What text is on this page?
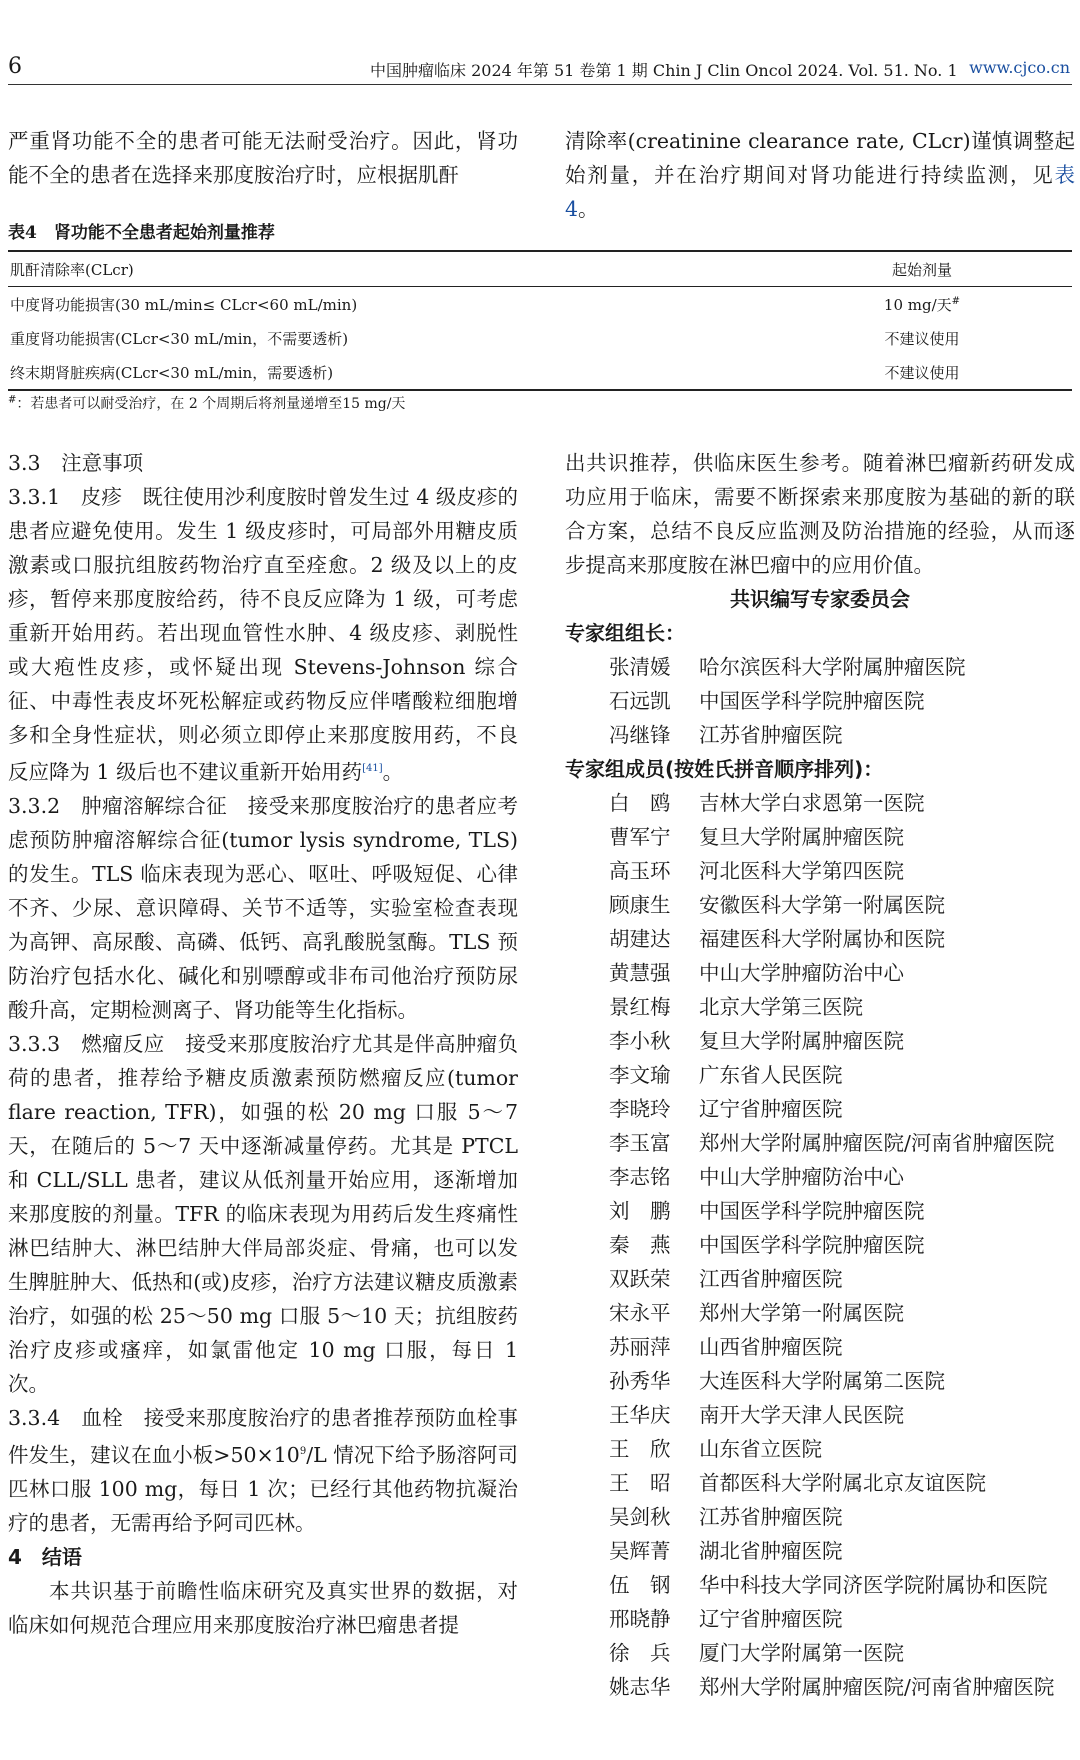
6	中国肿瘤临床 2024 年第 51 卷第 1 期 Chin J Clin Oncol 2024. Vol. 51. No. 1 www.cjco.cn

严重肾功能不全的患者可能无法耐受治疗。因此，肾功能不全的患者在选择来那度胺治疗时，应根据肌酐

清除率(creatinine clearance rate, CLcr)谨慎调整起始剂量，并在治疗期间对肾功能进行持续监测，见表 4。

表4　肾功能不全患者起始剂量推荐
肌酐清除率(CLcr)	起始剂量
中度肾功能损害(30 mL/min≤ CLcr<60 mL/min)	10 mg/天#
重度肾功能损害(CLcr<30 mL/min，不需要透析)	不建议使用
终末期肾脏疾病(CLcr<30 mL/min，需要透析)	不建议使用
#：若患者可以耐受治疗，在 2 个周期后将剂量递增至15 mg/天

3.3　注意事项

3.3.1　皮疹　既往使用沙利度胺时曾发生过 4 级皮疹的患者应避免使用。发生 1 级皮疹时，可局部外用糖皮质激素或口服抗组胺药物治疗直至痊愈。2 级及以上的皮疹，暂停来那度胺给药，待不良反应降为 1 级，可考虑重新开始用药。若出现血管性水肿、4 级皮疹、剥脱性或大疱性皮疹，或怀疑出现 Stevens-Johnson 综合征、中毒性表皮坏死松解症或药物反应伴嗜酸粒细胞增多和全身性症状，则必须立即停止来那度胺用药，不良反应降为 1 级后也不建议重新开始用药[41]。

3.3.2　肿瘤溶解综合征　接受来那度胺治疗的患者应考虑预防肿瘤溶解综合征(tumor lysis syndrome, TLS)的发生。TLS 临床表现为恶心、呕吐、呼吸短促、心律不齐、少尿、意识障碍、关节不适等，实验室检查表现为高钾、高尿酸、高磷、低钙、高乳酸脱氢酶。TLS 预防治疗包括水化、碱化和别嘌醇或非布司他治疗预防尿酸升高，定期检测离子、肾功能等生化指标。

3.3.3　燃瘤反应　接受来那度胺治疗尤其是伴高肿瘤负荷的患者，推荐给予糖皮质激素预防燃瘤反应(tumor flare reaction, TFR)，如强的松 20 mg 口服 5～7 天，在随后的 5～7 天中逐渐减量停药。尤其是 PTCL 和 CLL/SLL 患者，建议从低剂量开始应用，逐渐增加来那度胺的剂量。TFR 的临床表现为用药后发生疼痛性淋巴结肿大、淋巴结肿大伴局部炎症、骨痛，也可以发生脾脏肿大、低热和(或)皮疹，治疗方法建议糖皮质激素治疗，如强的松 25～50 mg 口服 5～10 天；抗组胺药治疗皮疹或瘙痒，如氯雷他定 10 mg 口服，每日 1 次。

3.3.4　血栓　接受来那度胺治疗的患者推荐预防血栓事件发生，建议在血小板$>50\times 10^9/L$ 情况下给予肠溶阿司匹林口服 100 mg，每日 1 次；已经行其他药物抗凝治疗的患者，无需再给予阿司匹林。

4　结语

本共识基于前瞻性临床研究及真实世界的数据，对临床如何规范合理应用来那度胺治疗淋巴瘤患者提

出共识推荐，供临床医生参考。随着淋巴瘤新药研发成功应用于临床，需要不断探索来那度胺为基础的新的联合方案，总结不良反应监测及防治措施的经验，从而逐步提高来那度胺在淋巴瘤中的应用价值。

共识编写专家委员会

专家组组长：

张清媛	哈尔滨医科大学附属肿瘤医院
石远凯	中国医学科学院肿瘤医院
冯继锋	江苏省肿瘤医院

专家组成员(按姓氏拼音顺序排列)：

白　鸥	吉林大学白求恩第一医院
曹军宁	复旦大学附属肿瘤医院
高玉环	河北医科大学第四医院
顾康生	安徽医科大学第一附属医院
胡建达	福建医科大学附属协和医院
黄慧强	中山大学肿瘤防治中心
景红梅	北京大学第三医院
李小秋	复旦大学附属肿瘤医院
李文瑜	广东省人民医院
李晓玲	辽宁省肿瘤医院
李玉富	郑州大学附属肿瘤医院/河南省肿瘤医院
李志铭	中山大学肿瘤防治中心
刘　鹏	中国医学科学院肿瘤医院
秦　燕	中国医学科学院肿瘤医院
双跃荣	江西省肿瘤医院
宋永平	郑州大学第一附属医院
苏丽萍	山西省肿瘤医院
孙秀华	大连医科大学附属第二医院
王华庆	南开大学天津人民医院
王　欣	山东省立医院
王　昭	首都医科大学附属北京友谊医院
吴剑秋	江苏省肿瘤医院
吴辉菁	湖北省肿瘤医院
伍　钢	华中科技大学同济医学院附属协和医院
邢晓静	辽宁省肿瘤医院
徐　兵	厦门大学附属第一医院
姚志华	郑州大学附属肿瘤医院/河南省肿瘤医院
